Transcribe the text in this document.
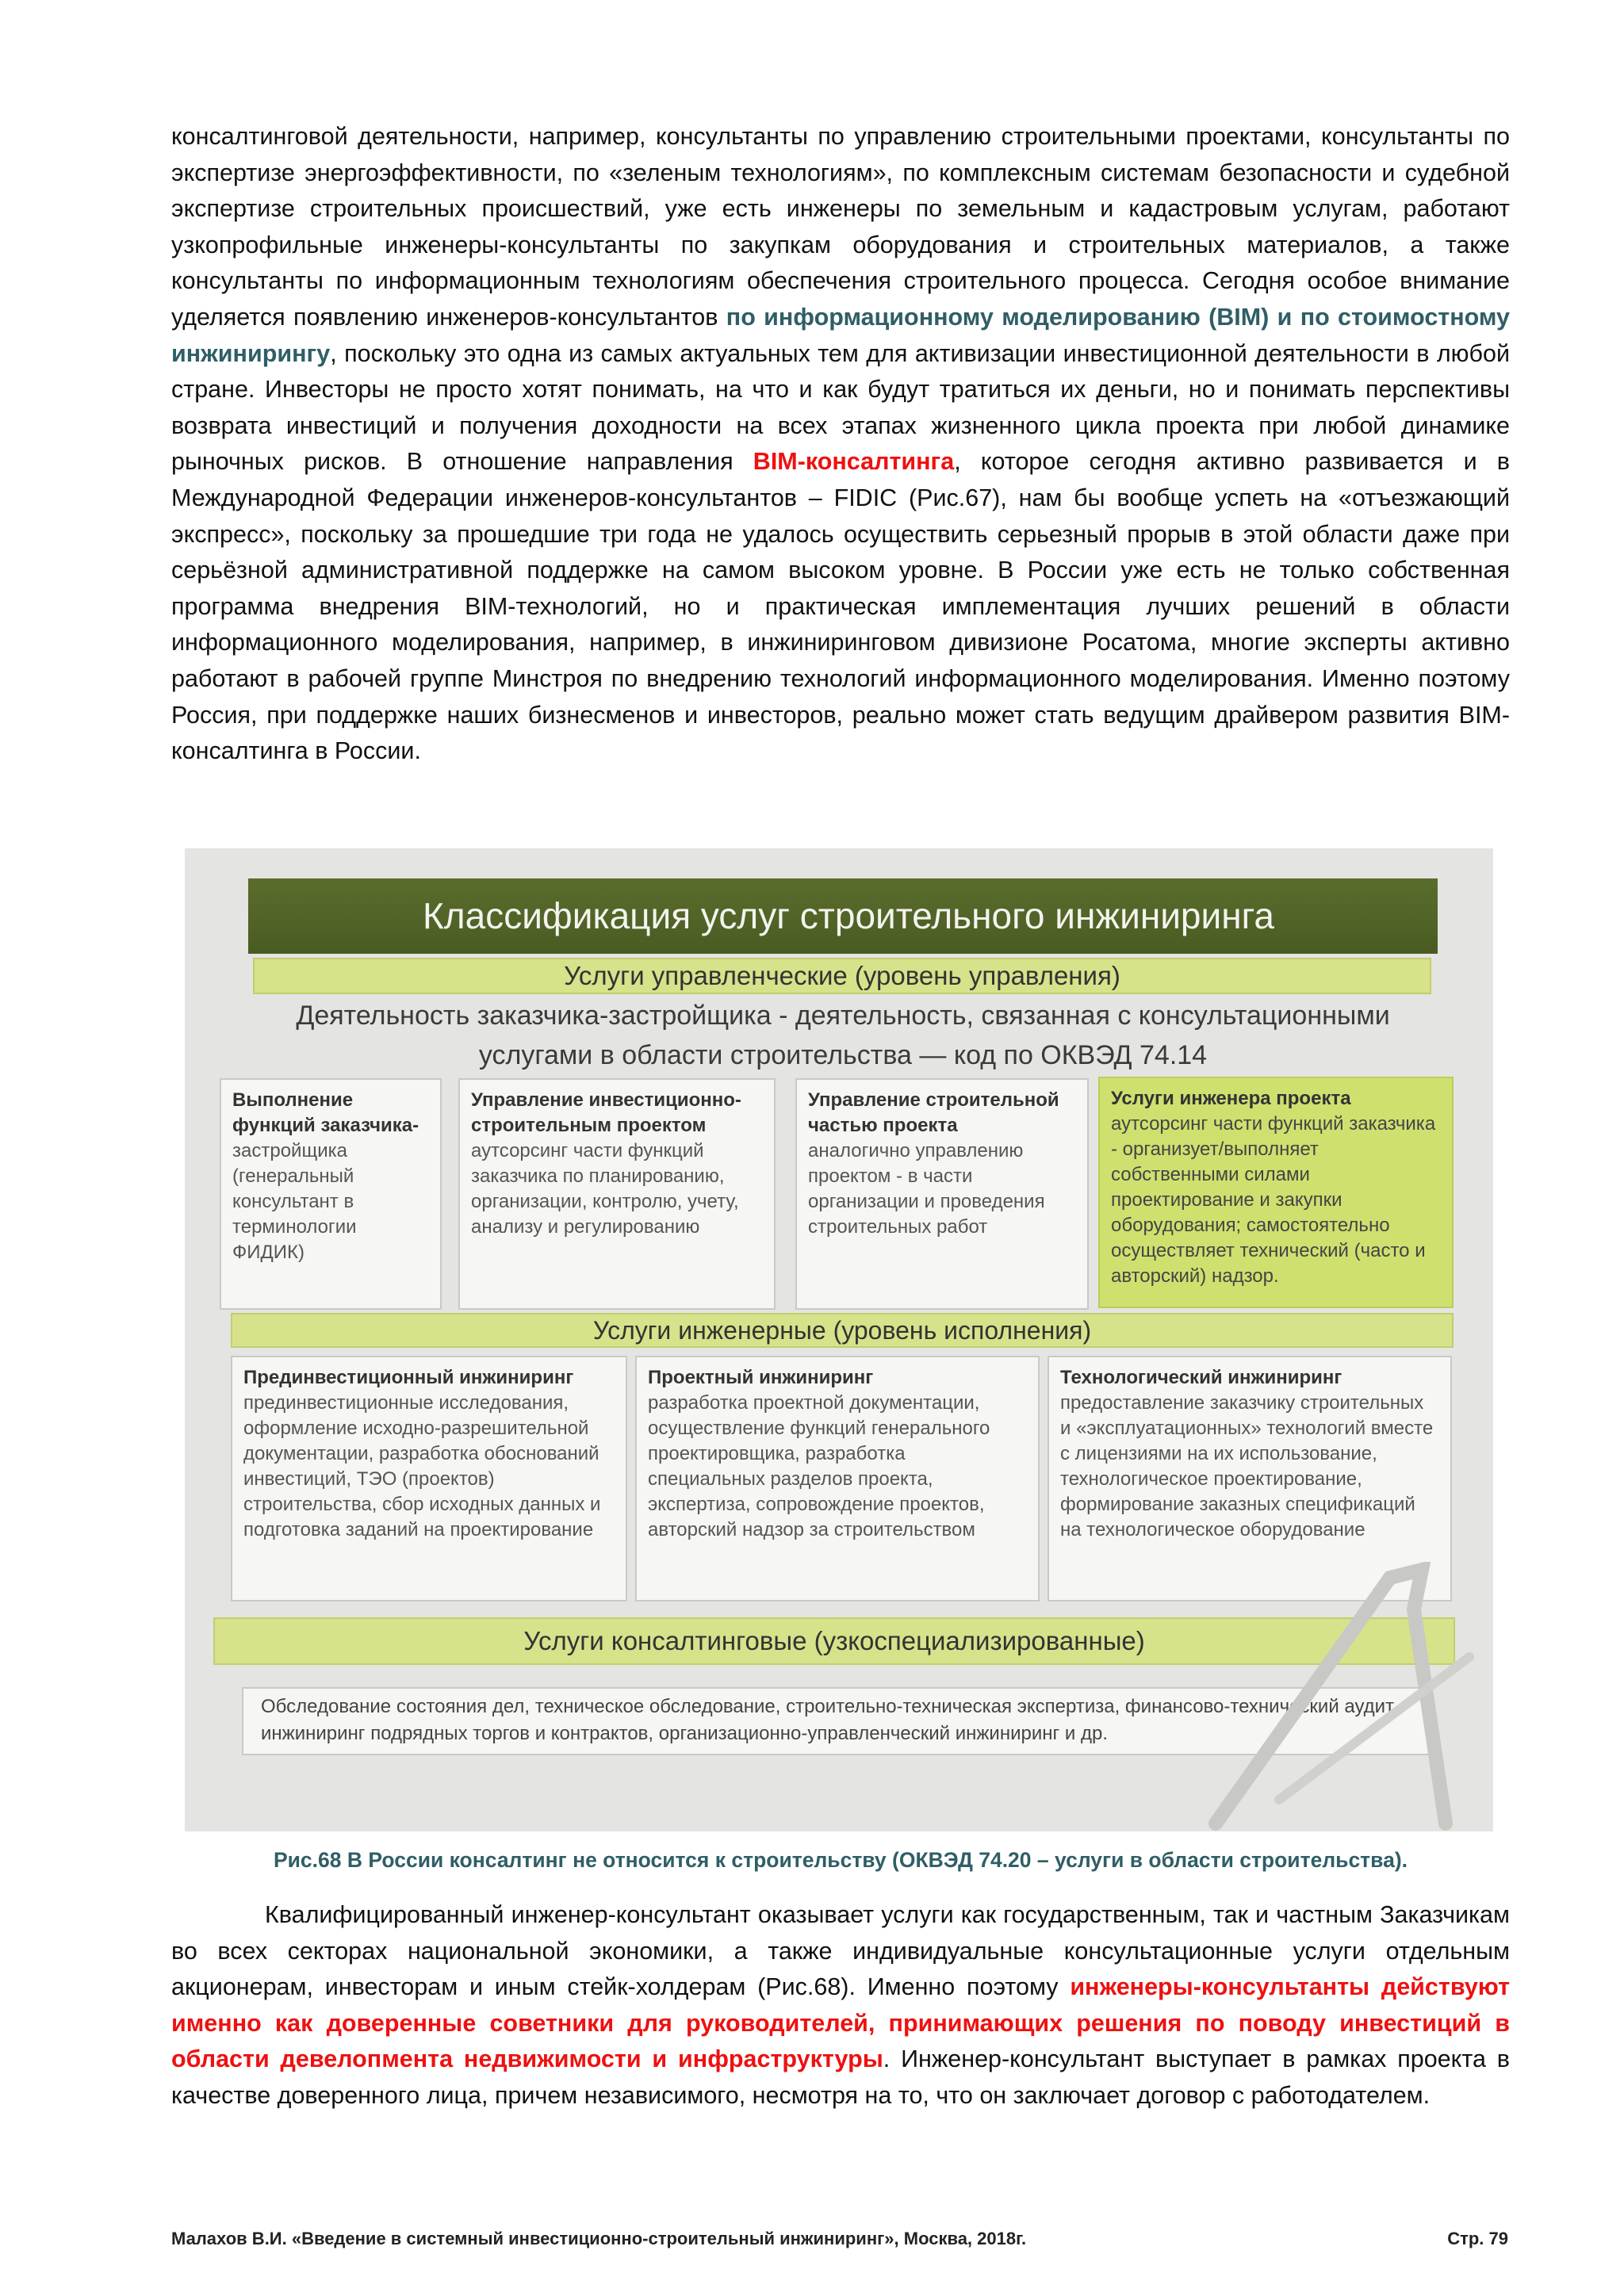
консалтинговой деятельности, например, консультанты по управлению строительными проектами, консультанты по экспертизе энергоэффективности, по «зеленым технологиям», по комплексным системам безопасности и судебной экспертизе строительных происшествий, уже есть инженеры по земельным и кадастровым услугам, работают узкопрофильные инженеры-консультанты по закупкам оборудования и строительных материалов, а также консультанты по информационным технологиям обеспечения строительного процесса. Сегодня особое внимание уделяется появлению инженеров-консультантов по информационному моделированию (BIM) и по стоимостному инжинирингу, поскольку это одна из самых актуальных тем для активизации инвестиционной деятельности в любой стране. Инвесторы не просто хотят понимать, на что и как будут тратиться их деньги, но и понимать перспективы возврата инвестиций и получения доходности на всех этапах жизненного цикла проекта при любой динамике рыночных рисков. В отношение направления BIM-консалтинга, которое сегодня активно развивается и в Международной Федерации инженеров-консультантов – FIDIC (Рис.67), нам бы вообще успеть на «отъезжающий экспресс», поскольку за прошедшие три года не удалось осуществить серьезный прорыв в этой области даже при серьёзной административной поддержке на самом высоком уровне. В России уже есть не только собственная программа внедрения BIM-технологий, но и практическая имплементация лучших решений в области информационного моделирования, например, в инжиниринговом дивизионе Росатома, многие эксперты активно работают в рабочей группе Минстроя по внедрению технологий информационного моделирования. Именно поэтому Россия, при поддержке наших бизнесменов и инвесторов, реально может стать ведущим драйвером развития BIM-консалтинга в России.

Классификация услуг строительного инжиниринга
Услуги управленческие (уровень управления)
Деятельность заказчика-застройщика - деятельность, связанная с консультационными услугами в области строительства — код по ОКВЭД 74.14
Выполнение функций заказчика- застройщика (генеральный консультант в терминологии ФИДИК)
Управление инвестиционно-строительным проектом
аутсорсинг части функций заказчика по планированию, организации, контролю, учету, анализу и регулированию
Управление строительной частью проекта
аналогично управлению проектом - в части организации и проведения строительных работ
Услуги инженера проекта
аутсорсинг части функций заказчика - организует/выполняет собственными силами проектирование и закупки оборудования; самостоятельно осуществляет технический (часто и авторский) надзор.
Услуги инженерные (уровень исполнения)
Прединвестиционный инжиниринг прединвестиционные исследования, оформление исходно-разрешительной документации, разработка обоснований инвестиций, ТЭО (проектов) строительства, сбор исходных данных и подготовка заданий на проектирование
Проектный инжиниринг
разработка проектной документации, осуществление функций генерального проектировщика, разработка специальных разделов проекта, экспертиза, сопровождение проектов, авторский надзор за строительством
Технологический инжиниринг
предоставление заказчику строительных и «эксплуатационных» технологий вместе с лицензиями на их использование, технологическое проектирование, формирование заказных спецификаций на технологическое оборудование
Услуги консалтинговые (узкоспециализированные)
Обследование состояния дел, техническое обследование, строительно-техническая экспертиза, финансово-технический аудит, инжиниринг подрядных торгов и контрактов, организационно-управленческий инжиниринг и др.

Рис.68 В России консалтинг не относится к строительству (ОКВЭД 74.20 – услуги в области строительства).

Квалифицированный инженер-консультант оказывает услуги как государственным, так и частным Заказчикам во всех секторах национальной экономики, а также индивидуальные консультационные услуги отдельным акционерам, инвесторам и иным стейк-холдерам (Рис.68). Именно поэтому инженеры-консультанты действуют именно как доверенные советники для руководителей, принимающих решения по поводу инвестиций в области девелопмента недвижимости и инфраструктуры. Инженер-консультант выступает в рамках проекта в качестве доверенного лица, причем независимого, несмотря на то, что он заключает договор с работодателем.

Малахов В.И. «Введение в системный инвестиционно-строительный инжиниринг», Москва, 2018г.	Стр. 79
